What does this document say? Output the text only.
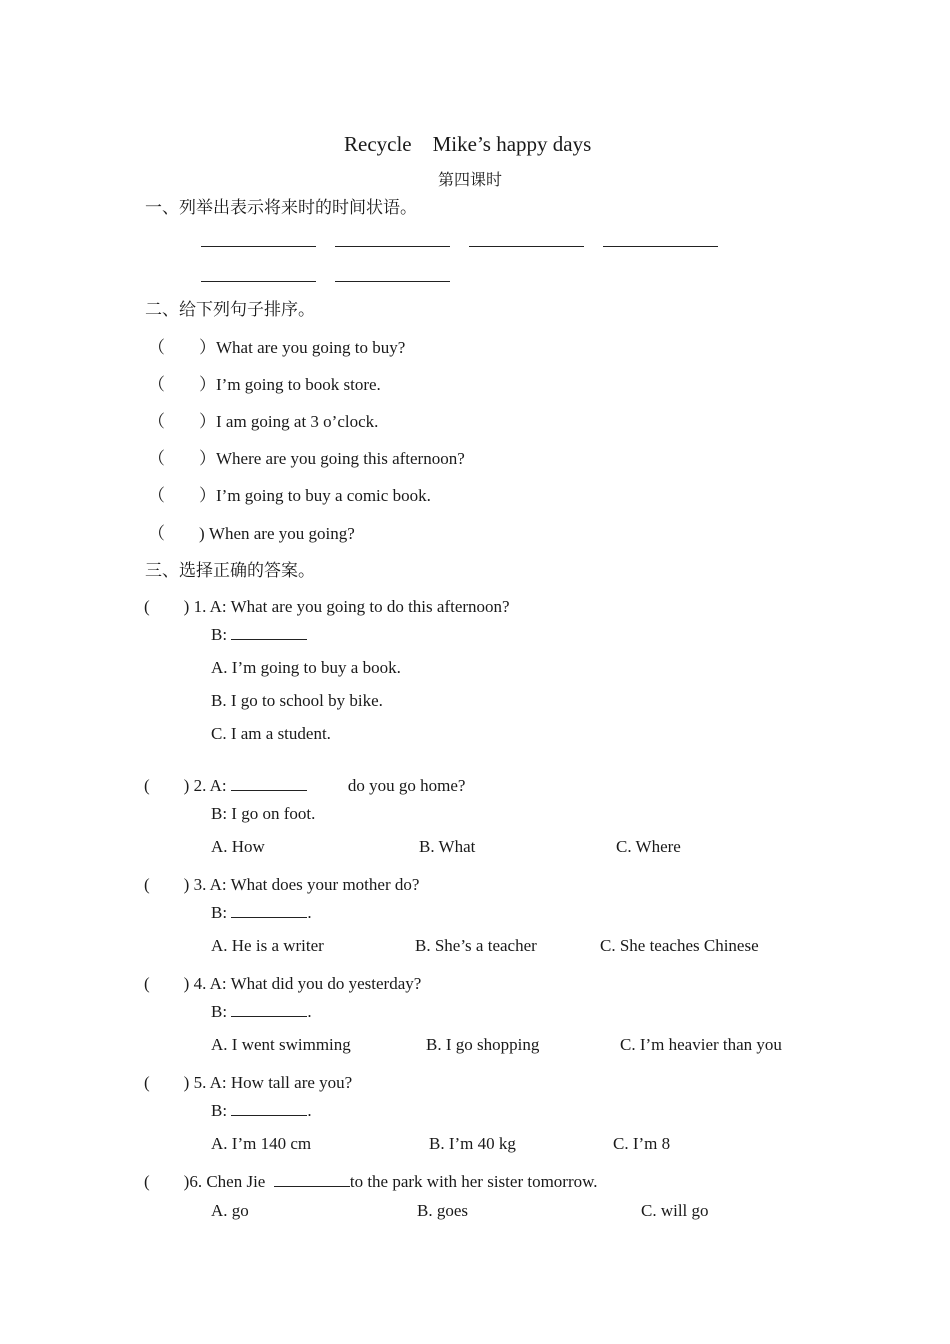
Recycle　Mike’s happy days
第四课时
一、列举出表示将来时的时间状语。
二、给下列句子排序。
（　　）What are you going to buy?
（　　）I’m going to book store.
（　　）I am going at 3 o’clock.
（　　）Where are you going this afternoon?
（　　）I’m going to buy a comic book.
（　　) When are you going?
三、选择正确的答案。
(　　) 1. A: What are you going to do this afternoon?
B:
A. I’m going to buy a book.
B. I go to school by bike.
C. I am a student.
(　　) 2. A:	do you go home?
B: I go on foot.
A. How	B. What	C. Where
(　　) 3. A: What does your mother do?
B:	.
A. He is a writer	B. She’s a teacher	C. She teaches Chinese
(　　) 4. A: What did you do yesterday?
B:	.
A. I went swimming	B. I go shopping	C. I’m heavier than you
(　　) 5. A: How tall are you?
B:	.
A. I’m 140 cm	B. I’m 40 kg	C. I’m 8
(　　)6. Chen Jie	to the park with her sister tomorrow.
A. go	B. goes	C. will go
